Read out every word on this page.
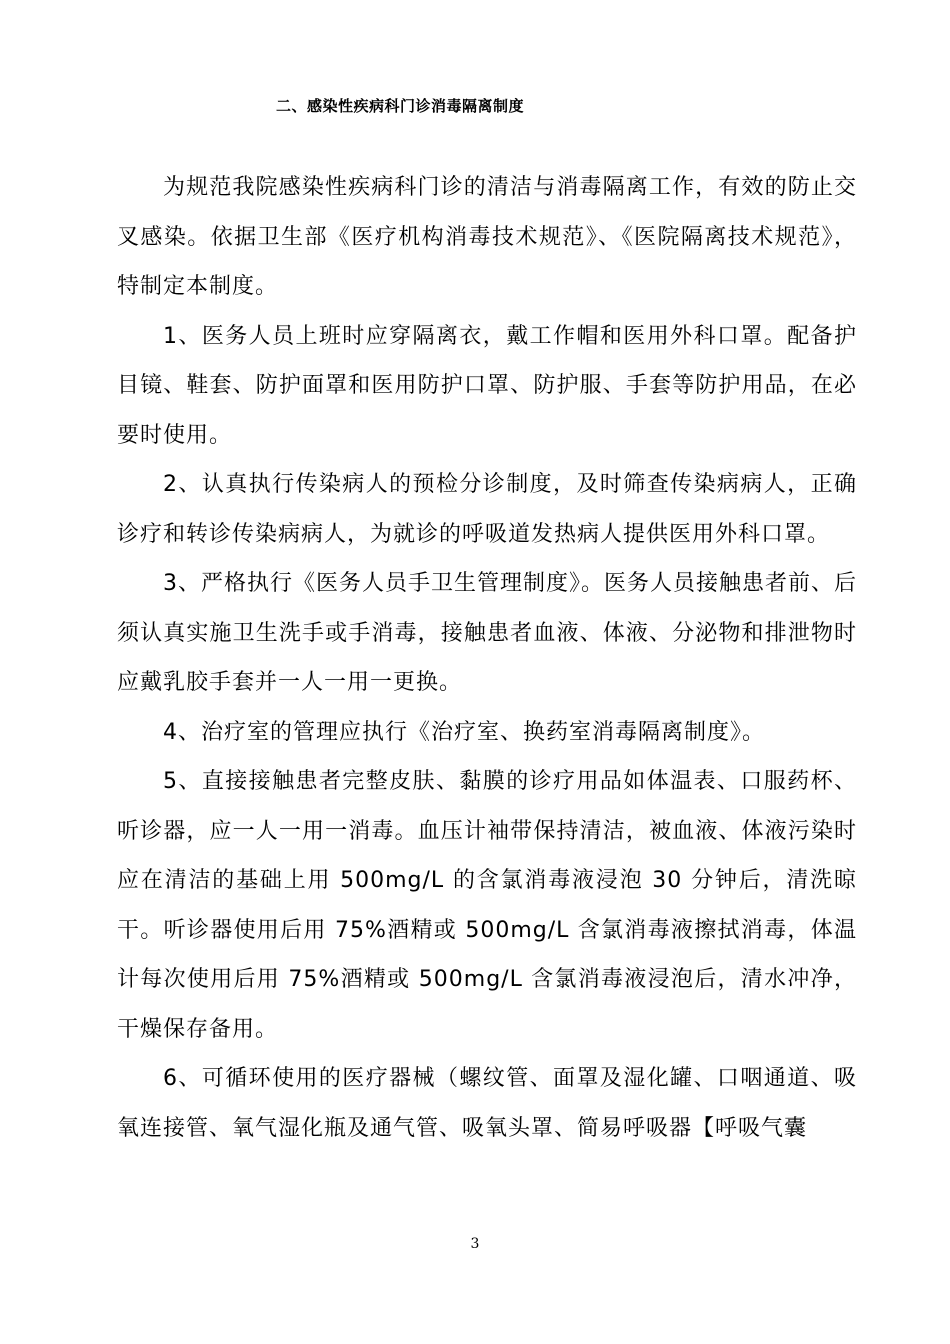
二、感染性疾病科门诊消毒隔离制度

为规范我院感染性疾病科门诊的清洁与消毒隔离工作，有效的防止交叉感染。依据卫生部《医疗机构消毒技术规范》、《医院隔离技术规范》，特制定本制度。

1、医务人员上班时应穿隔离衣，戴工作帽和医用外科口罩。配备护目镜、鞋套、防护面罩和医用防护口罩、防护服、手套等防护用品，在必要时使用。

2、认真执行传染病人的预检分诊制度，及时筛查传染病病人，正确诊疗和转诊传染病病人，为就诊的呼吸道发热病人提供医用外科口罩。

3、严格执行《医务人员手卫生管理制度》。医务人员接触患者前、后须认真实施卫生洗手或手消毒，接触患者血液、体液、分泌物和排泄物时应戴乳胶手套并一人一用一更换。

4、治疗室的管理应执行《治疗室、换药室消毒隔离制度》。

5、直接接触患者完整皮肤、黏膜的诊疗用品如体温表、口服药杯、听诊器，应一人一用一消毒。血压计袖带保持清洁，被血液、体液污染时应在清洁的基础上用 500mg/L 的含氯消毒液浸泡 30 分钟后，清洗晾干。听诊器使用后用 75%酒精或 500mg/L 含氯消毒液擦拭消毒，体温计每次使用后用 75%酒精或 500mg/L 含氯消毒液浸泡后，清水冲净，干燥保存备用。

6、可循环使用的医疗器械（螺纹管、面罩及湿化罐、口咽通道、吸氧连接管、氧气湿化瓶及通气管、吸氧头罩、简易呼吸器【呼吸气囊

3
